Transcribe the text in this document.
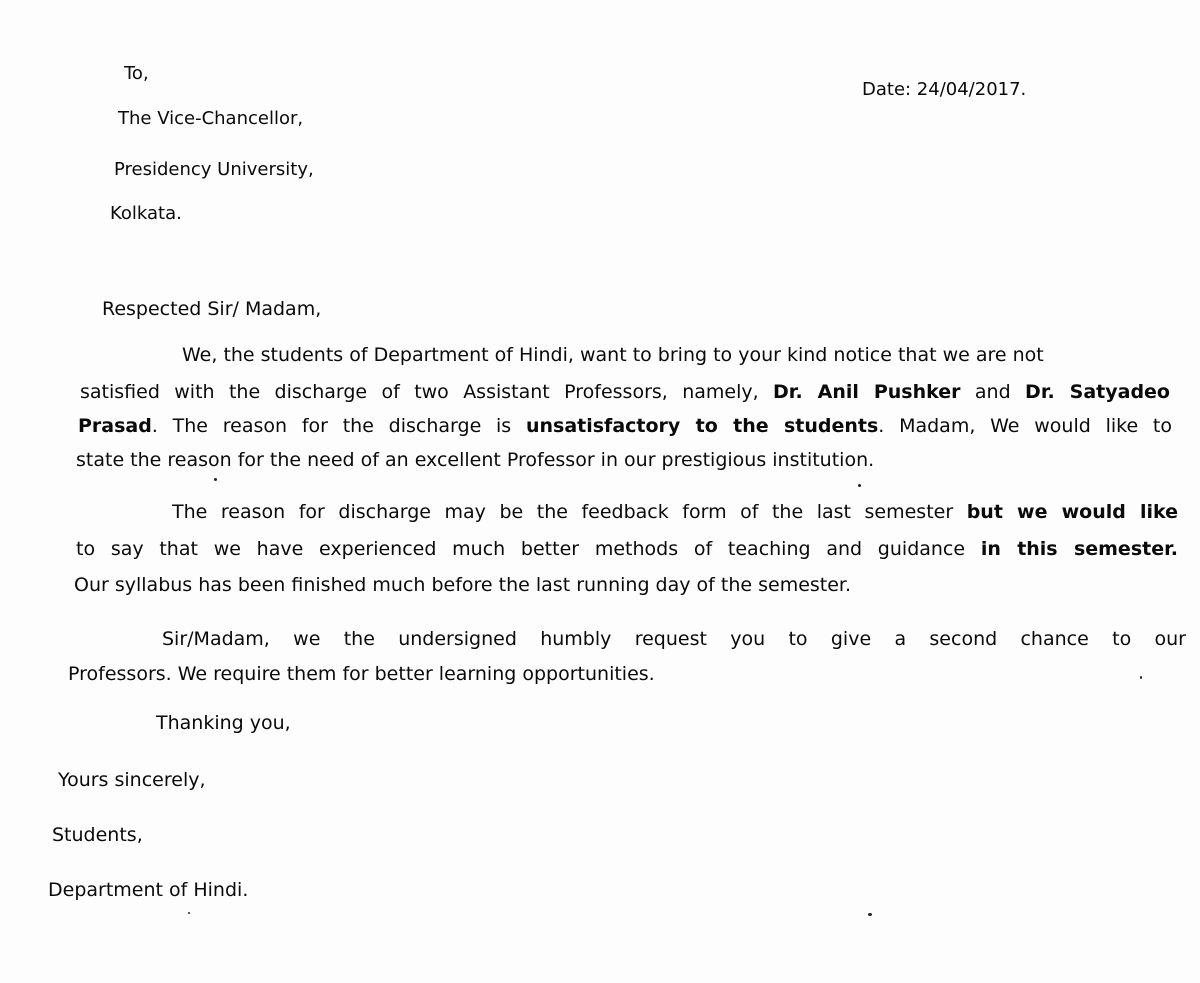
To,
The Vice-Chancellor,
Presidency University,
Kolkata.
Date: 24/04/2017.
Respected Sir/ Madam,
We, the students of Department of Hindi, want to bring to your kind notice that we are not
satisfied with the discharge of two Assistant Professors, namely, Dr. Anil Pushker and Dr. Satyadeo
Prasad. The reason for the discharge is unsatisfactory to the students. Madam, We would like to
state the reason for the need of an excellent Professor in our prestigious institution.
The reason for discharge may be the feedback form of the last semester but we would like
to say that we have experienced much better methods of teaching and guidance in this semester.
Our syllabus has been finished much before the last running day of the semester.
Sir/Madam, we the undersigned humbly request you to give a second chance to our
Professors. We require them for better learning opportunities.
Thanking you,
Yours sincerely,
Students,
Department of Hindi.
